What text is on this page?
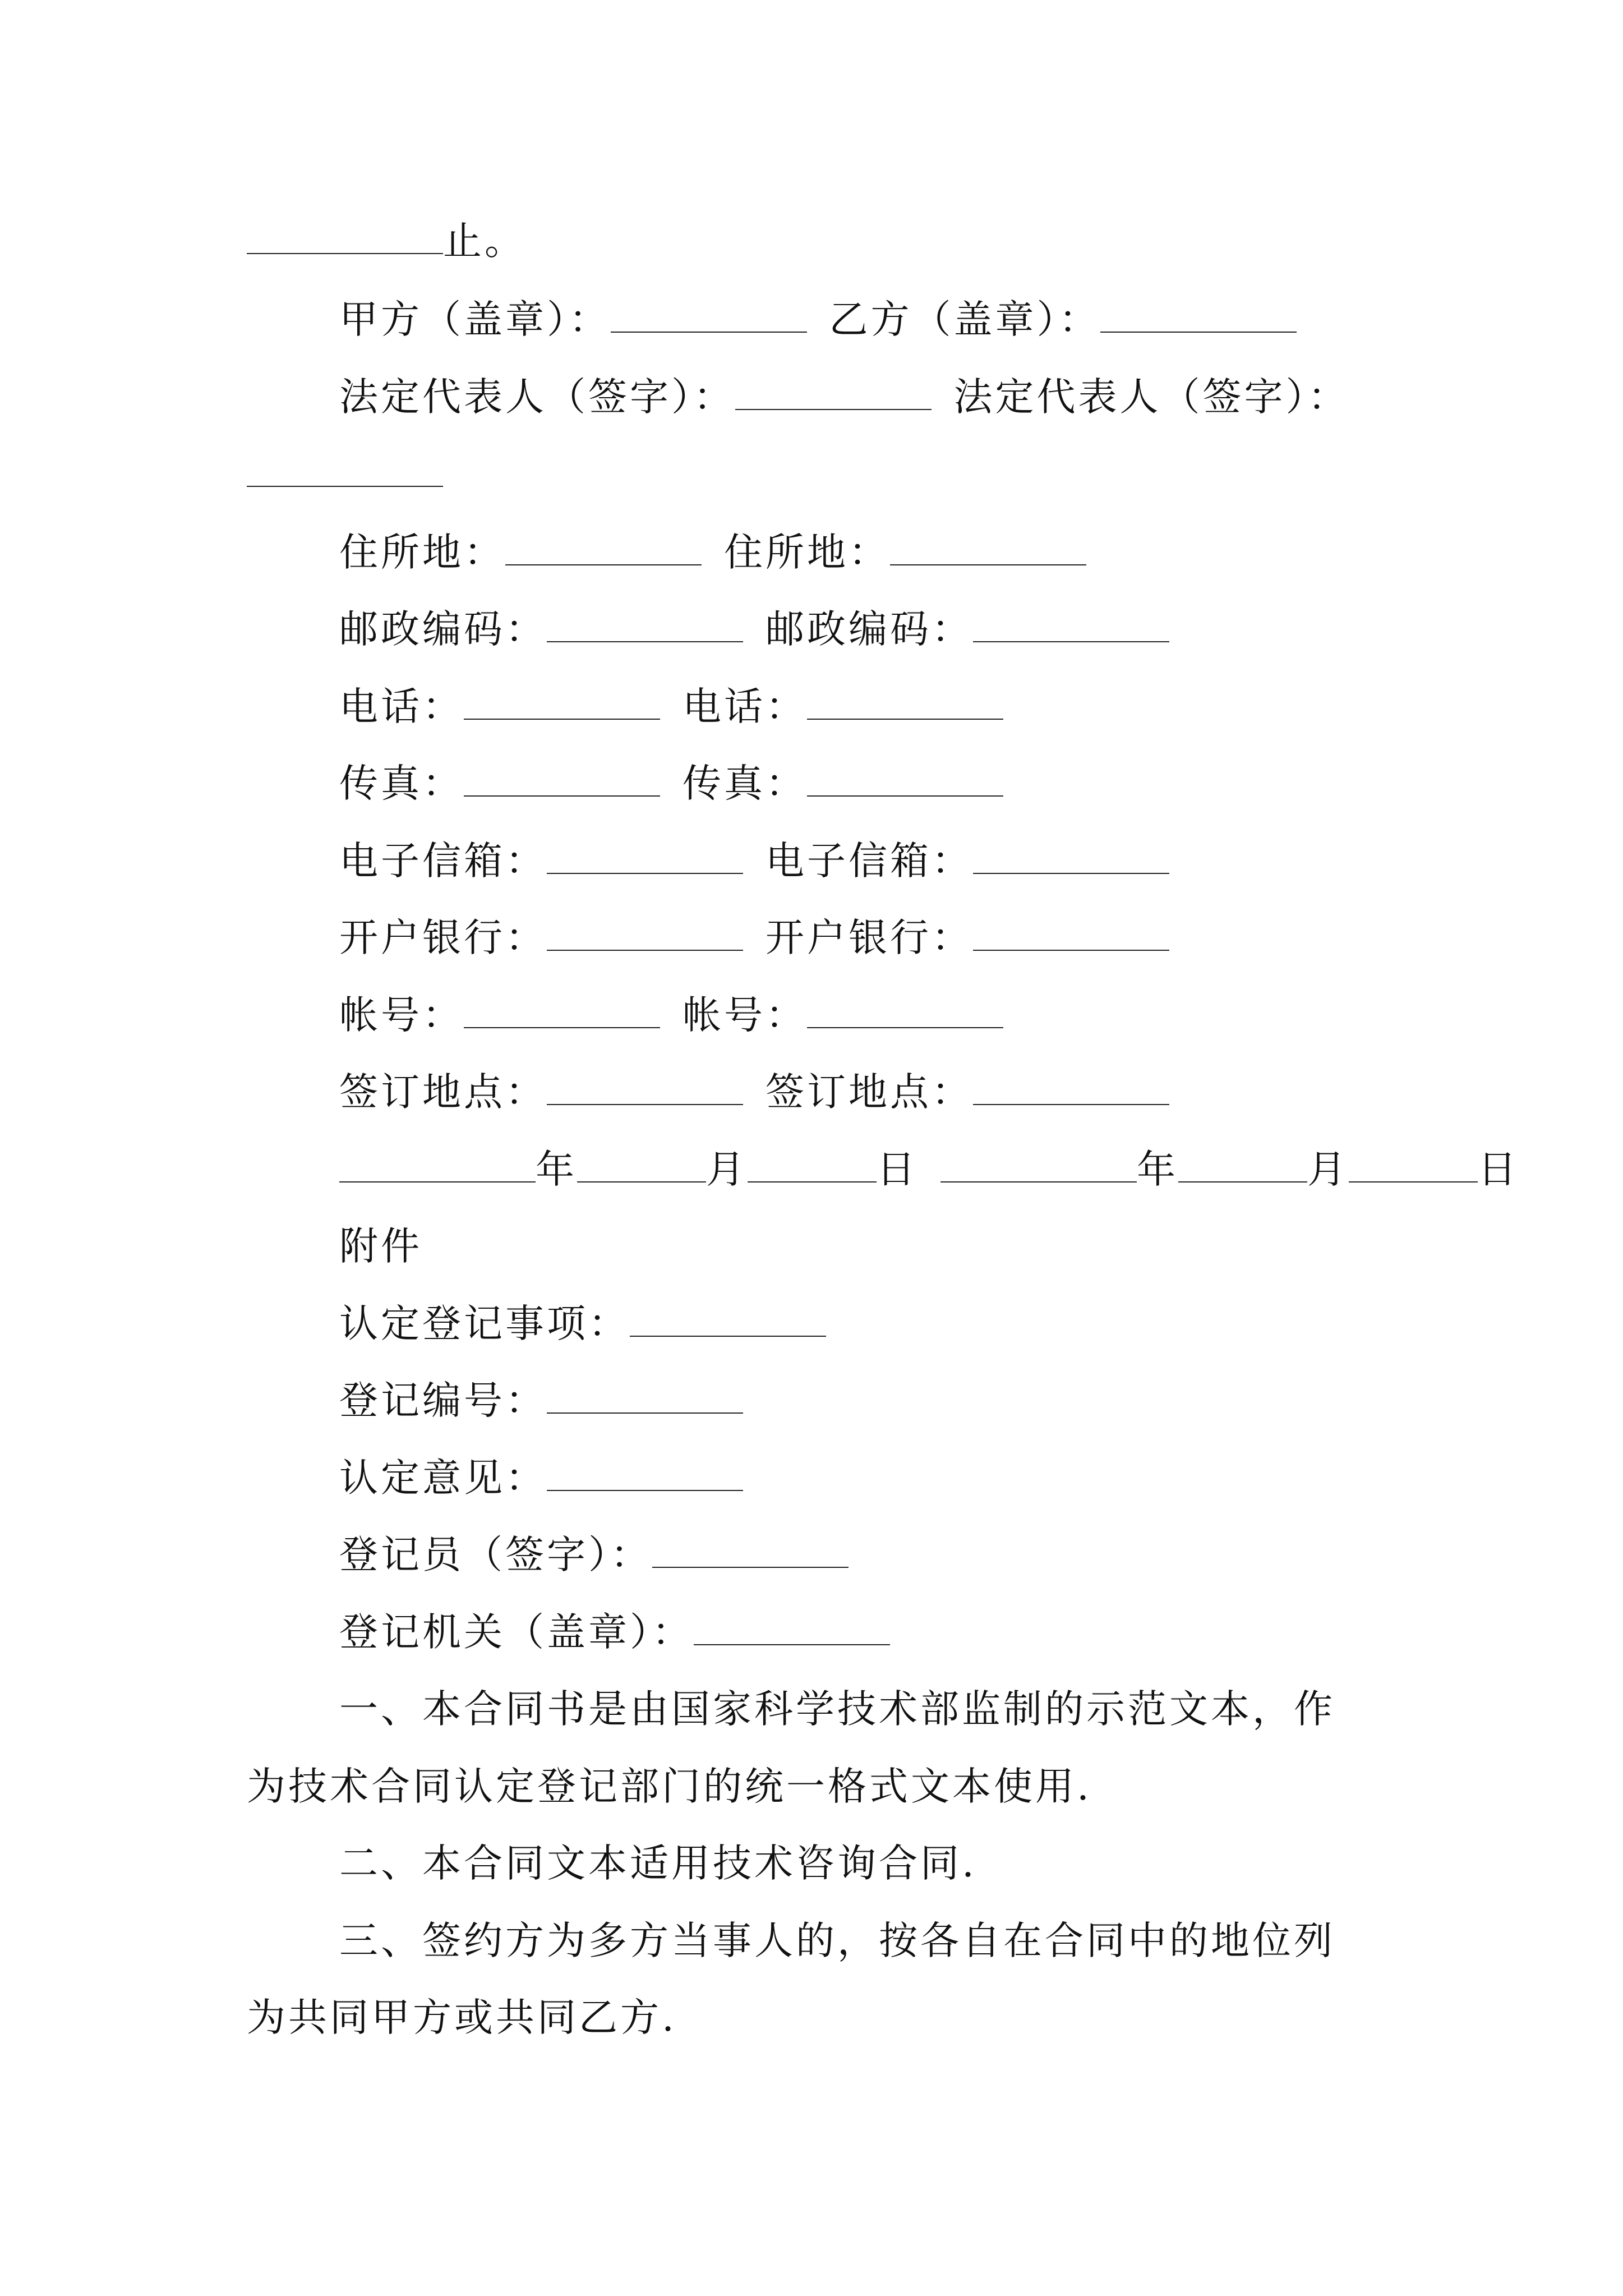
止。
甲方（盖章）：	乙方（盖章）：
法定代表人（签字）：	法定代表人（签字）：
住所地：	住所地：
邮政编码：	邮政编码：
电话：	电话：
传真：	传真：
电子信箱：	电子信箱：
开户银行：	开户银行：
帐号：	帐号：
签订地点：	签订地点：
年	月	日	年	月	日
附件
认定登记事项：
登记编号：
认定意见：
登记员（签字）：
登记机关（盖章）：
一、本合同书是由国家科学技术部监制的示范文本，作
为技术合同认定登记部门的统一格式文本使用.
二、本合同文本适用技术咨询合同.
三、签约方为多方当事人的，按各自在合同中的地位列
为共同甲方或共同乙方.
